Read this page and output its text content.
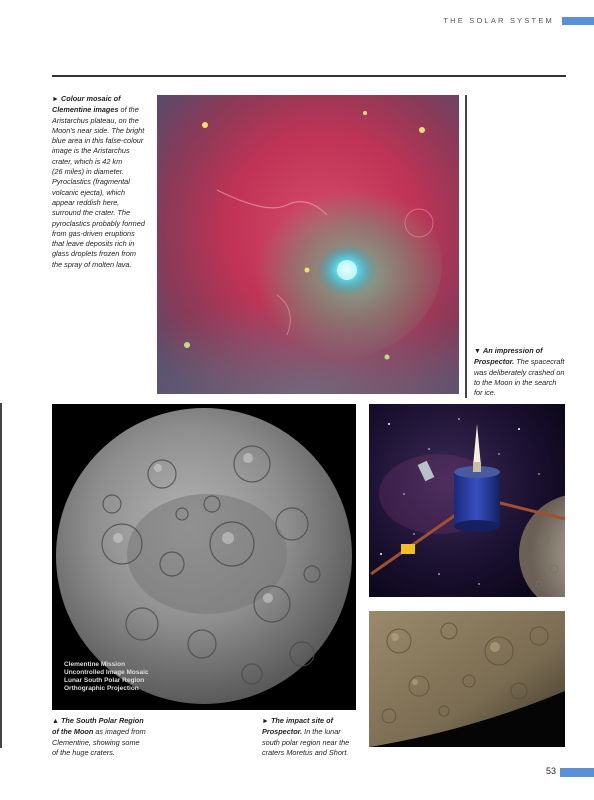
THE SOLAR SYSTEM
► Colour mosaic of
Clementine images of the
Aristarchus plateau, on the
Moon's near side. The bright
blue area in this false-colour
image is the Aristarchus
crater, which is 42 km
(26 miles) in diameter.
Pyroclastics (fragmental
volcanic ejecta), which
appear reddish here,
surround the crater. The
pyroclastics probably formed
from gas-driven eruptions
that leave deposits rich in
glass droplets frozen from
the spray of molten lava.
▼ An impression of
Prospector. The spacecraft
was deliberately crashed on
to the Moon in the search
for ice.
Clementine Mission
Uncontrolled Image Mosaic
Lunar South Polar Region
Orthographic Projection
▲ The South Polar Region
of the Moon as imaged from
Clementine, showing some
of the huge craters.
► The impact site of
Prospector. In the lunar
south polar region near the
craters Moretus and Short.
53
